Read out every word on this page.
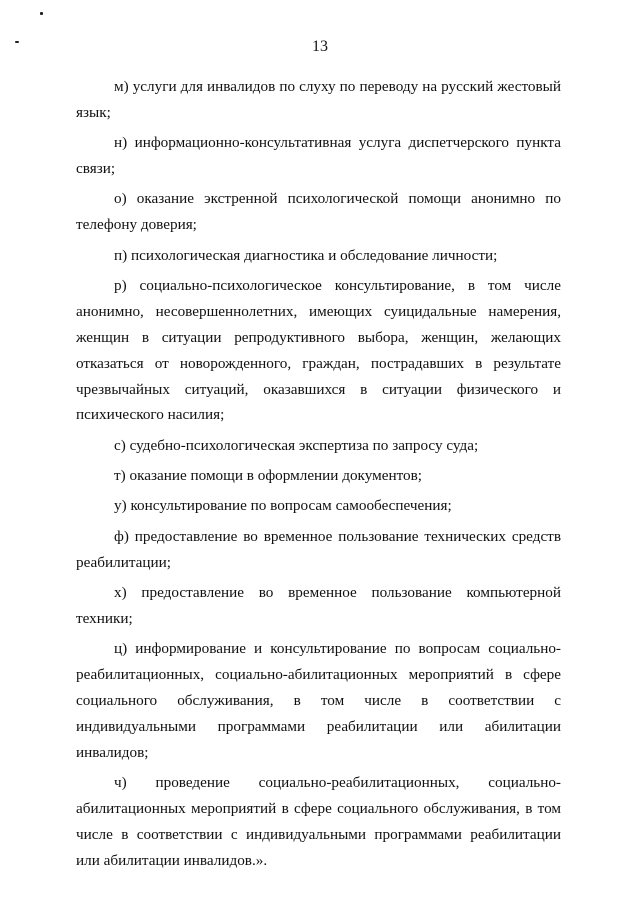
13

м) услуги для инвалидов по слуху по переводу на русский жестовый язык;

н) информационно-консультативная услуга диспетчерского пункта связи;

о) оказание экстренной психологической помощи анонимно по телефону доверия;

п) психологическая диагностика и обследование личности;

р) социально-психологическое консультирование, в том числе анонимно, несовершеннолетних, имеющих суицидальные намерения, женщин в ситуации репродуктивного выбора, женщин, желающих отказаться от новорожденного, граждан, пострадавших в результате чрезвычайных ситуаций, оказавшихся в ситуации физического и психического насилия;

с) судебно-психологическая экспертиза по запросу суда;

т) оказание помощи в оформлении документов;

у) консультирование по вопросам самообеспечения;

ф) предоставление во временное пользование технических средств реабилитации;

х) предоставление во временное пользование компьютерной техники;

ц) информирование и консультирование по вопросам социально-реабилитационных, социально-абилитационных мероприятий в сфере социального обслуживания, в том числе в соответствии с индивидуальными программами реабилитации или абилитации инвалидов;

ч) проведение социально-реабилитационных, социально-абилитационных мероприятий в сфере социального обслуживания, в том числе в соответствии с индивидуальными программами реабилитации или абилитации инвалидов.».
